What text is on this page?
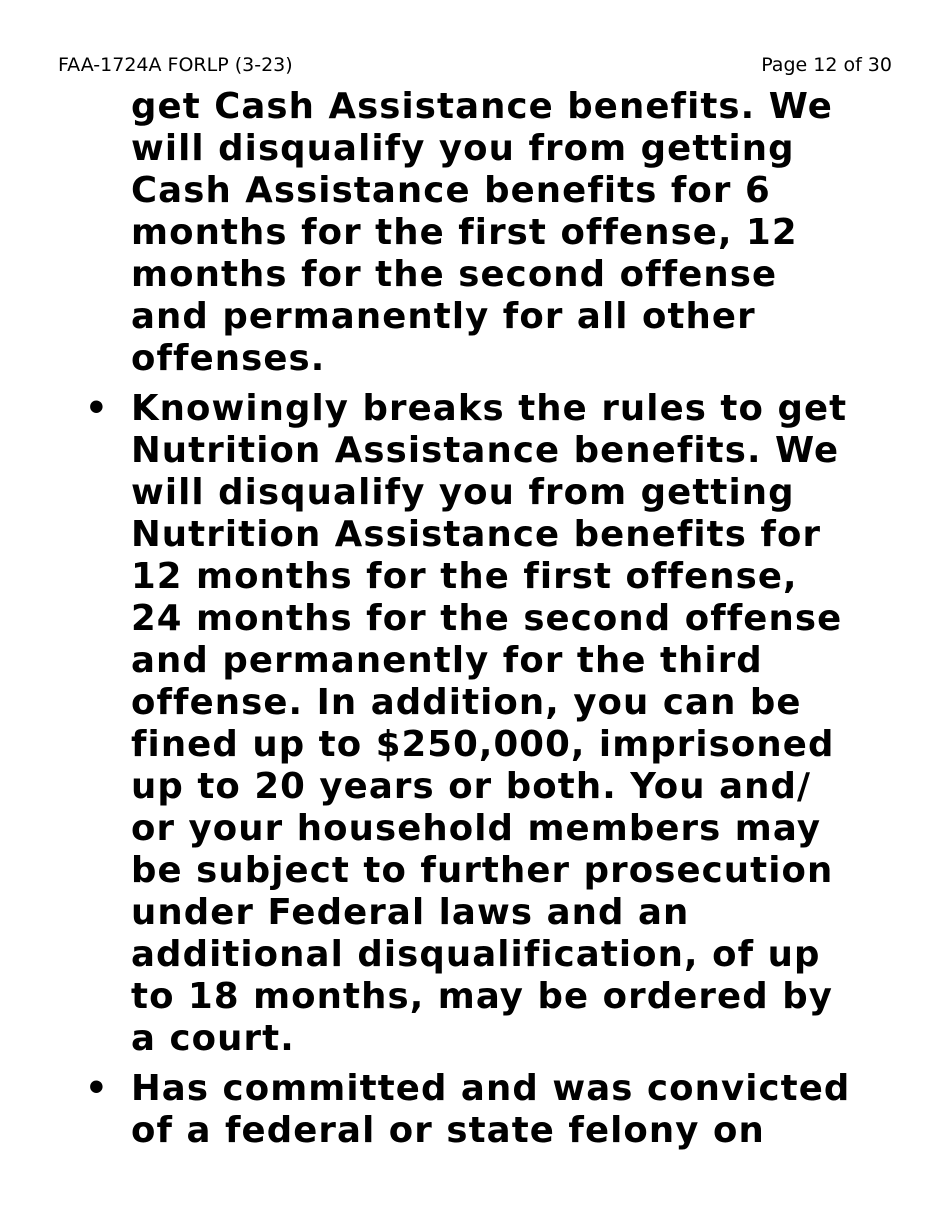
FAA-1724A FORLP (3-23)	Page 12 of 30

get Cash Assistance benefits. We
will disqualify you from getting
Cash Assistance benefits for 6
months for the first offense, 12
months for the second offense
and permanently for all other
offenses.

• Knowingly breaks the rules to get
Nutrition Assistance benefits. We
will disqualify you from getting
Nutrition Assistance benefits for
12 months for the first offense,
24 months for the second offense
and permanently for the third
offense. In addition, you can be
fined up to $250,000, imprisoned
up to 20 years or both. You and/
or your household members may
be subject to further prosecution
under Federal laws and an
additional disqualification, of up
to 18 months, may be ordered by
a court.
• Has committed and was convicted
of a federal or state felony on
